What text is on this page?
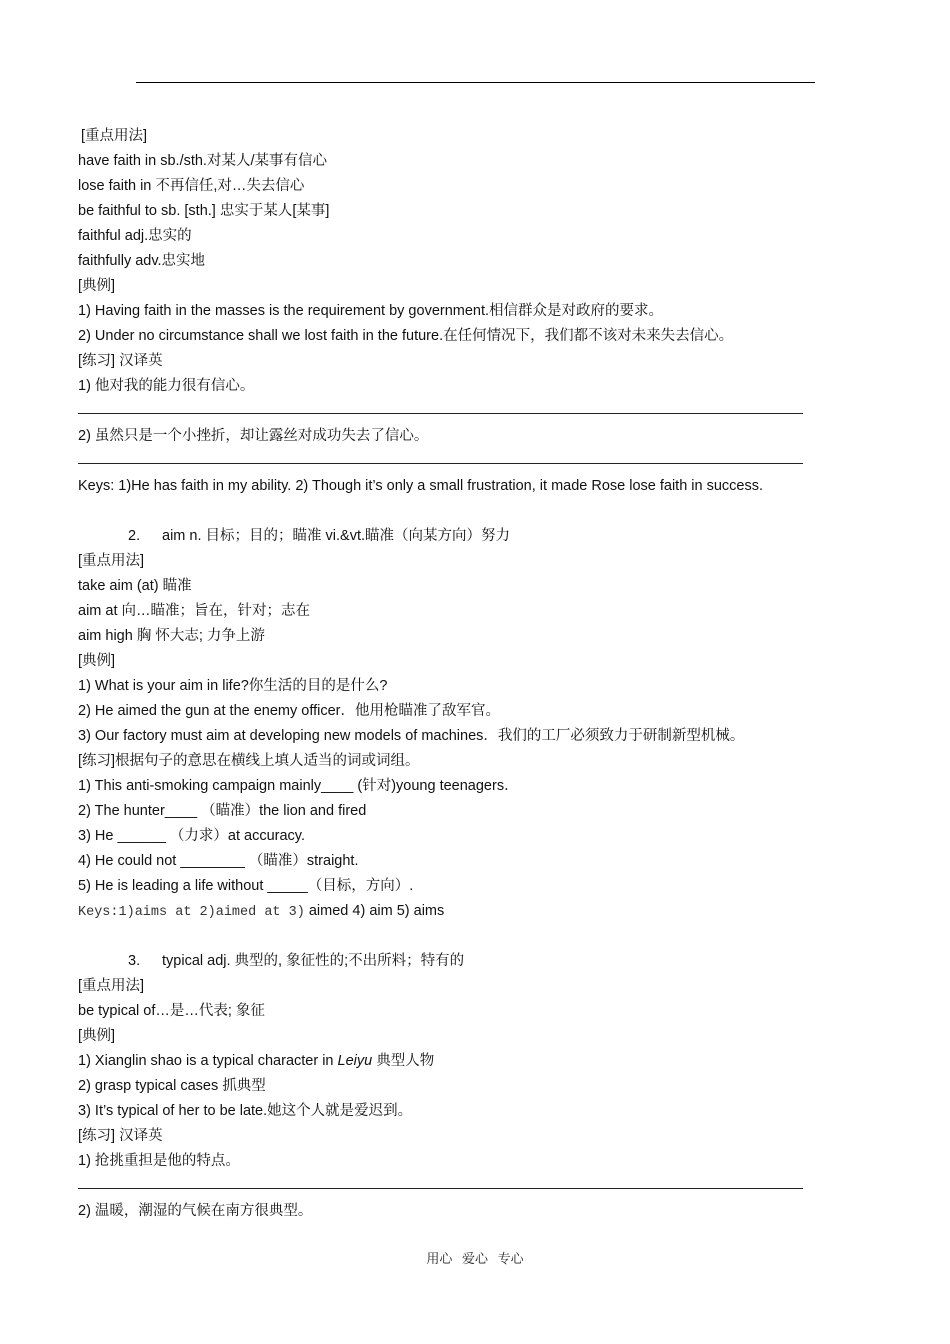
[重点用法]
have faith in sb./sth.对某人/某事有信心
lose faith in 不再信任,对…失去信心
be faithful to sb. [sth.] 忠实于某人[某事]
faithful adj.忠实的
faithfully adv.忠实地
[典例]
1) Having faith in the masses is the requirement by government.相信群众是对政府的要求。
2) Under no circumstance shall we lost faith in the future.在任何情况下，我们都不该对未来失去信心。
[练习] 汉译英
1) 他对我的能力很有信心。
2) 虽然只是一个小挫折，却让露丝对成功失去了信心。
Keys: 1)He has faith in my ability. 2) Though it’s only a small frustration, it made Rose lose faith in success.
2. aim n. 目标；目的；瞄准 vi.&vt.瞄准（向某方向）努力
[重点用法]
take aim (at) 瞄准
aim at 向…瞄准；旨在，针对；志在
aim high 胸 怀大志; 力争上游
[典例]
1) What is your aim in life?你生活的目的是什么?
2) He aimed the gun at the enemy officer．他用枪瞄准了敌军官。
3) Our factory must aim at developing new models of machines．我们的工厂必须致力于研制新型机械。
[练习]根据句子的意思在横线上填人适当的词或词组。
1) This anti-smoking campaign mainly____ (针对)young teenagers．
2) The hunter____ （瞄准）the lion and fired
3) He ______ （力求）at accuracy.
4) He could not ________ （瞄准）straight.
5) He is leading a life without _____（目标，方向）.
Keys:1)aims at 2)aimed at 3) aimed 4) aim 5) aims
3. typical adj. 典型的, 象征性的;不出所料；特有的
[重点用法]
be typical of…是…代表; 象征
[典例]
1) Xianglin shao is a typical character in Leiyu 典型人物
2) grasp typical cases 抓典型
3) It’s typical of her to be late.她这个人就是爱迟到。
[练习] 汉译英
1) 抢挑重担是他的特点。
2) 温暖，潮湿的气候在南方很典型。
用心 爱心 专心
